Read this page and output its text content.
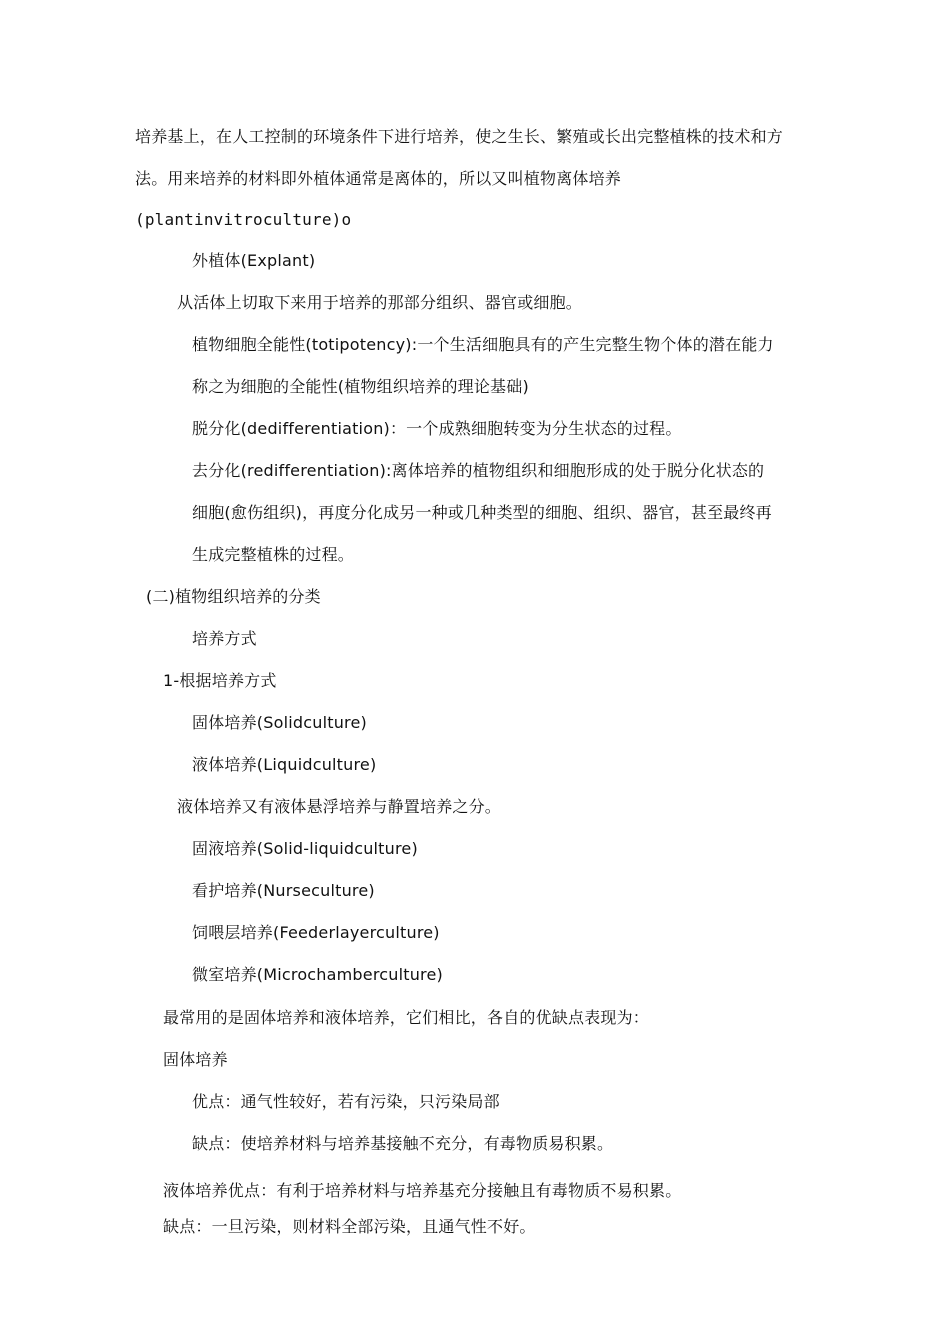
培养基上，在人工控制的环境条件下进行培养，使之生长、繁殖或长出完整植株的技术和方
法。用来培养的材料即外植体通常是离体的，所以又叫植物离体培养
(plantinvitroculture)o
外植体(Explant)
从活体上切取下来用于培养的那部分组织、器官或细胞。
植物细胞全能性(totipotency):一个生活细胞具有的产生完整生物个体的潜在能力
称之为细胞的全能性(植物组织培养的理论基础)
脱分化(dedifferentiation)：一个成熟细胞转变为分生状态的过程。
去分化(redifferentiation):离体培养的植物组织和细胞形成的处于脱分化状态的
细胞(愈伤组织)，再度分化成另一种或几种类型的细胞、组织、器官，甚至最终再
生成完整植株的过程。
(二)植物组织培养的分类
培养方式
1-根据培养方式
固体培养(Solidculture)
液体培养(Liquidculture)
液体培养又有液体悬浮培养与静置培养之分。
固液培养(Solid-liquidculture)
看护培养(Nurseculture)
饲喂层培养(Feederlayerculture)
微室培养(Microchamberculture)
最常用的是固体培养和液体培养，它们相比，各自的优缺点表现为：
固体培养
优点：通气性较好，若有污染，只污染局部
缺点：使培养材料与培养基接触不充分，有毒物质易积累。
液体培养优点：有利于培养材料与培养基充分接触且有毒物质不易积累。
缺点：一旦污染，则材料全部污染，且通气性不好。
